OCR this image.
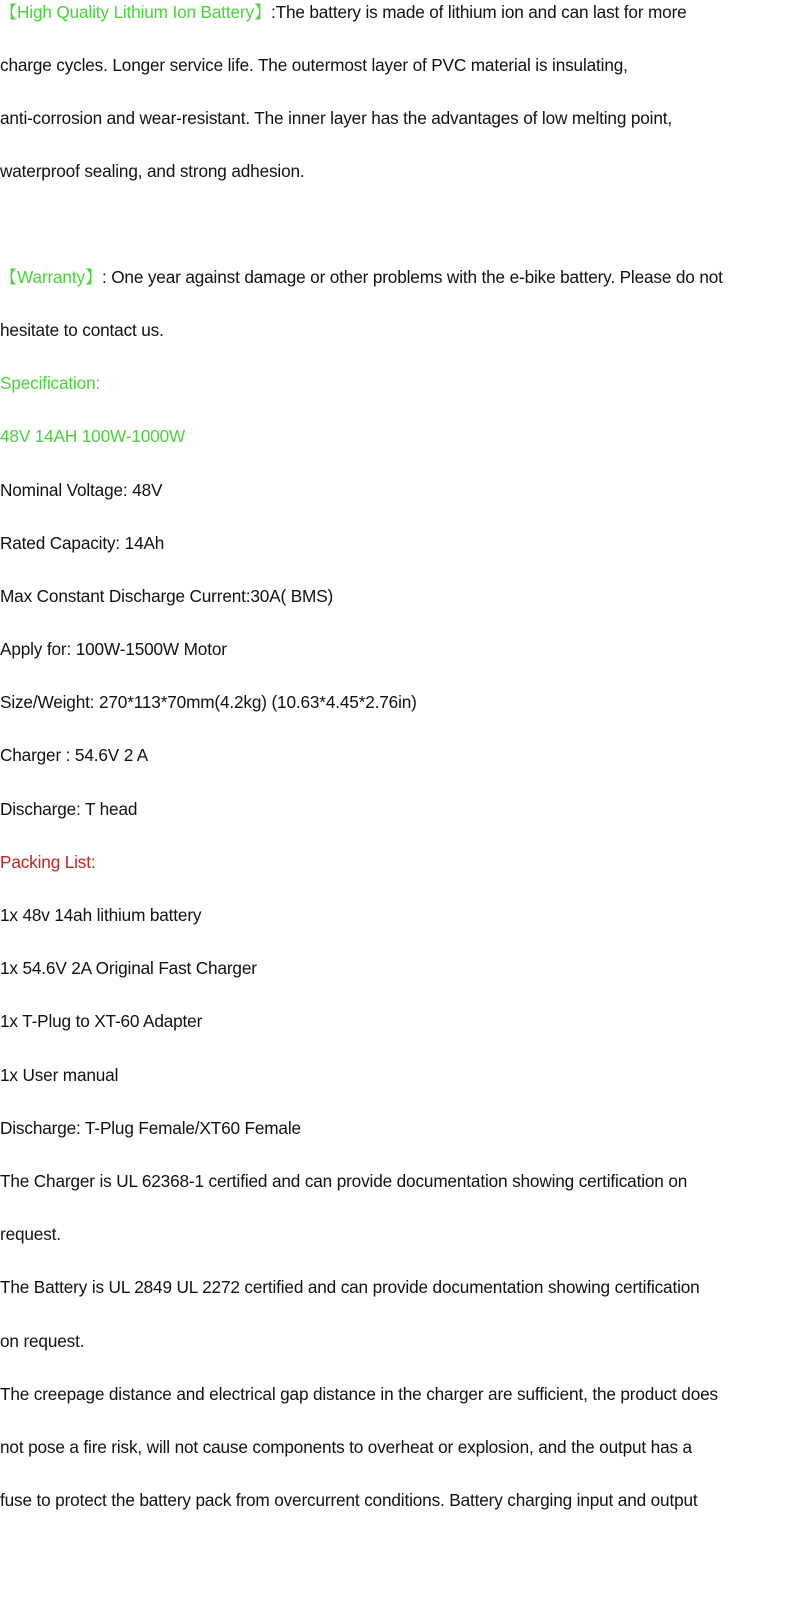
【High Quality Lithium Ion Battery】:The battery is made of lithium ion and can last for more
charge cycles. Longer service life. The outermost layer of PVC material is insulating,
anti-corrosion and wear-resistant. The inner layer has the advantages of low melting point,
waterproof sealing, and strong adhesion.
【Warranty】: One year against damage or other problems with the e-bike battery. Please do not
hesitate to contact us.
Specification:
48V 14AH 100W-1000W
Nominal Voltage: 48V
Rated Capacity: 14Ah
Max Constant Discharge Current:30A( BMS)
Apply for: 100W-1500W Motor
Size/Weight: 270*113*70mm(4.2kg) (10.63*4.45*2.76in)
Charger : 54.6V 2 A
Discharge: T head
Packing List:
1x 48v 14ah lithium battery
1x 54.6V 2A Original Fast Charger
1x T-Plug to XT-60 Adapter
1x User manual
Discharge: T-Plug Female/XT60 Female
The Charger is UL 62368-1 certified and can provide documentation showing certification on
request.
The Battery is UL 2849 UL 2272 certified and can provide documentation showing certification
on request.
The creepage distance and electrical gap distance in the charger are sufficient, the product does
not pose a fire risk, will not cause components to overheat or explosion, and the output has a
fuse to protect the battery pack from overcurrent conditions. Battery charging input and output
